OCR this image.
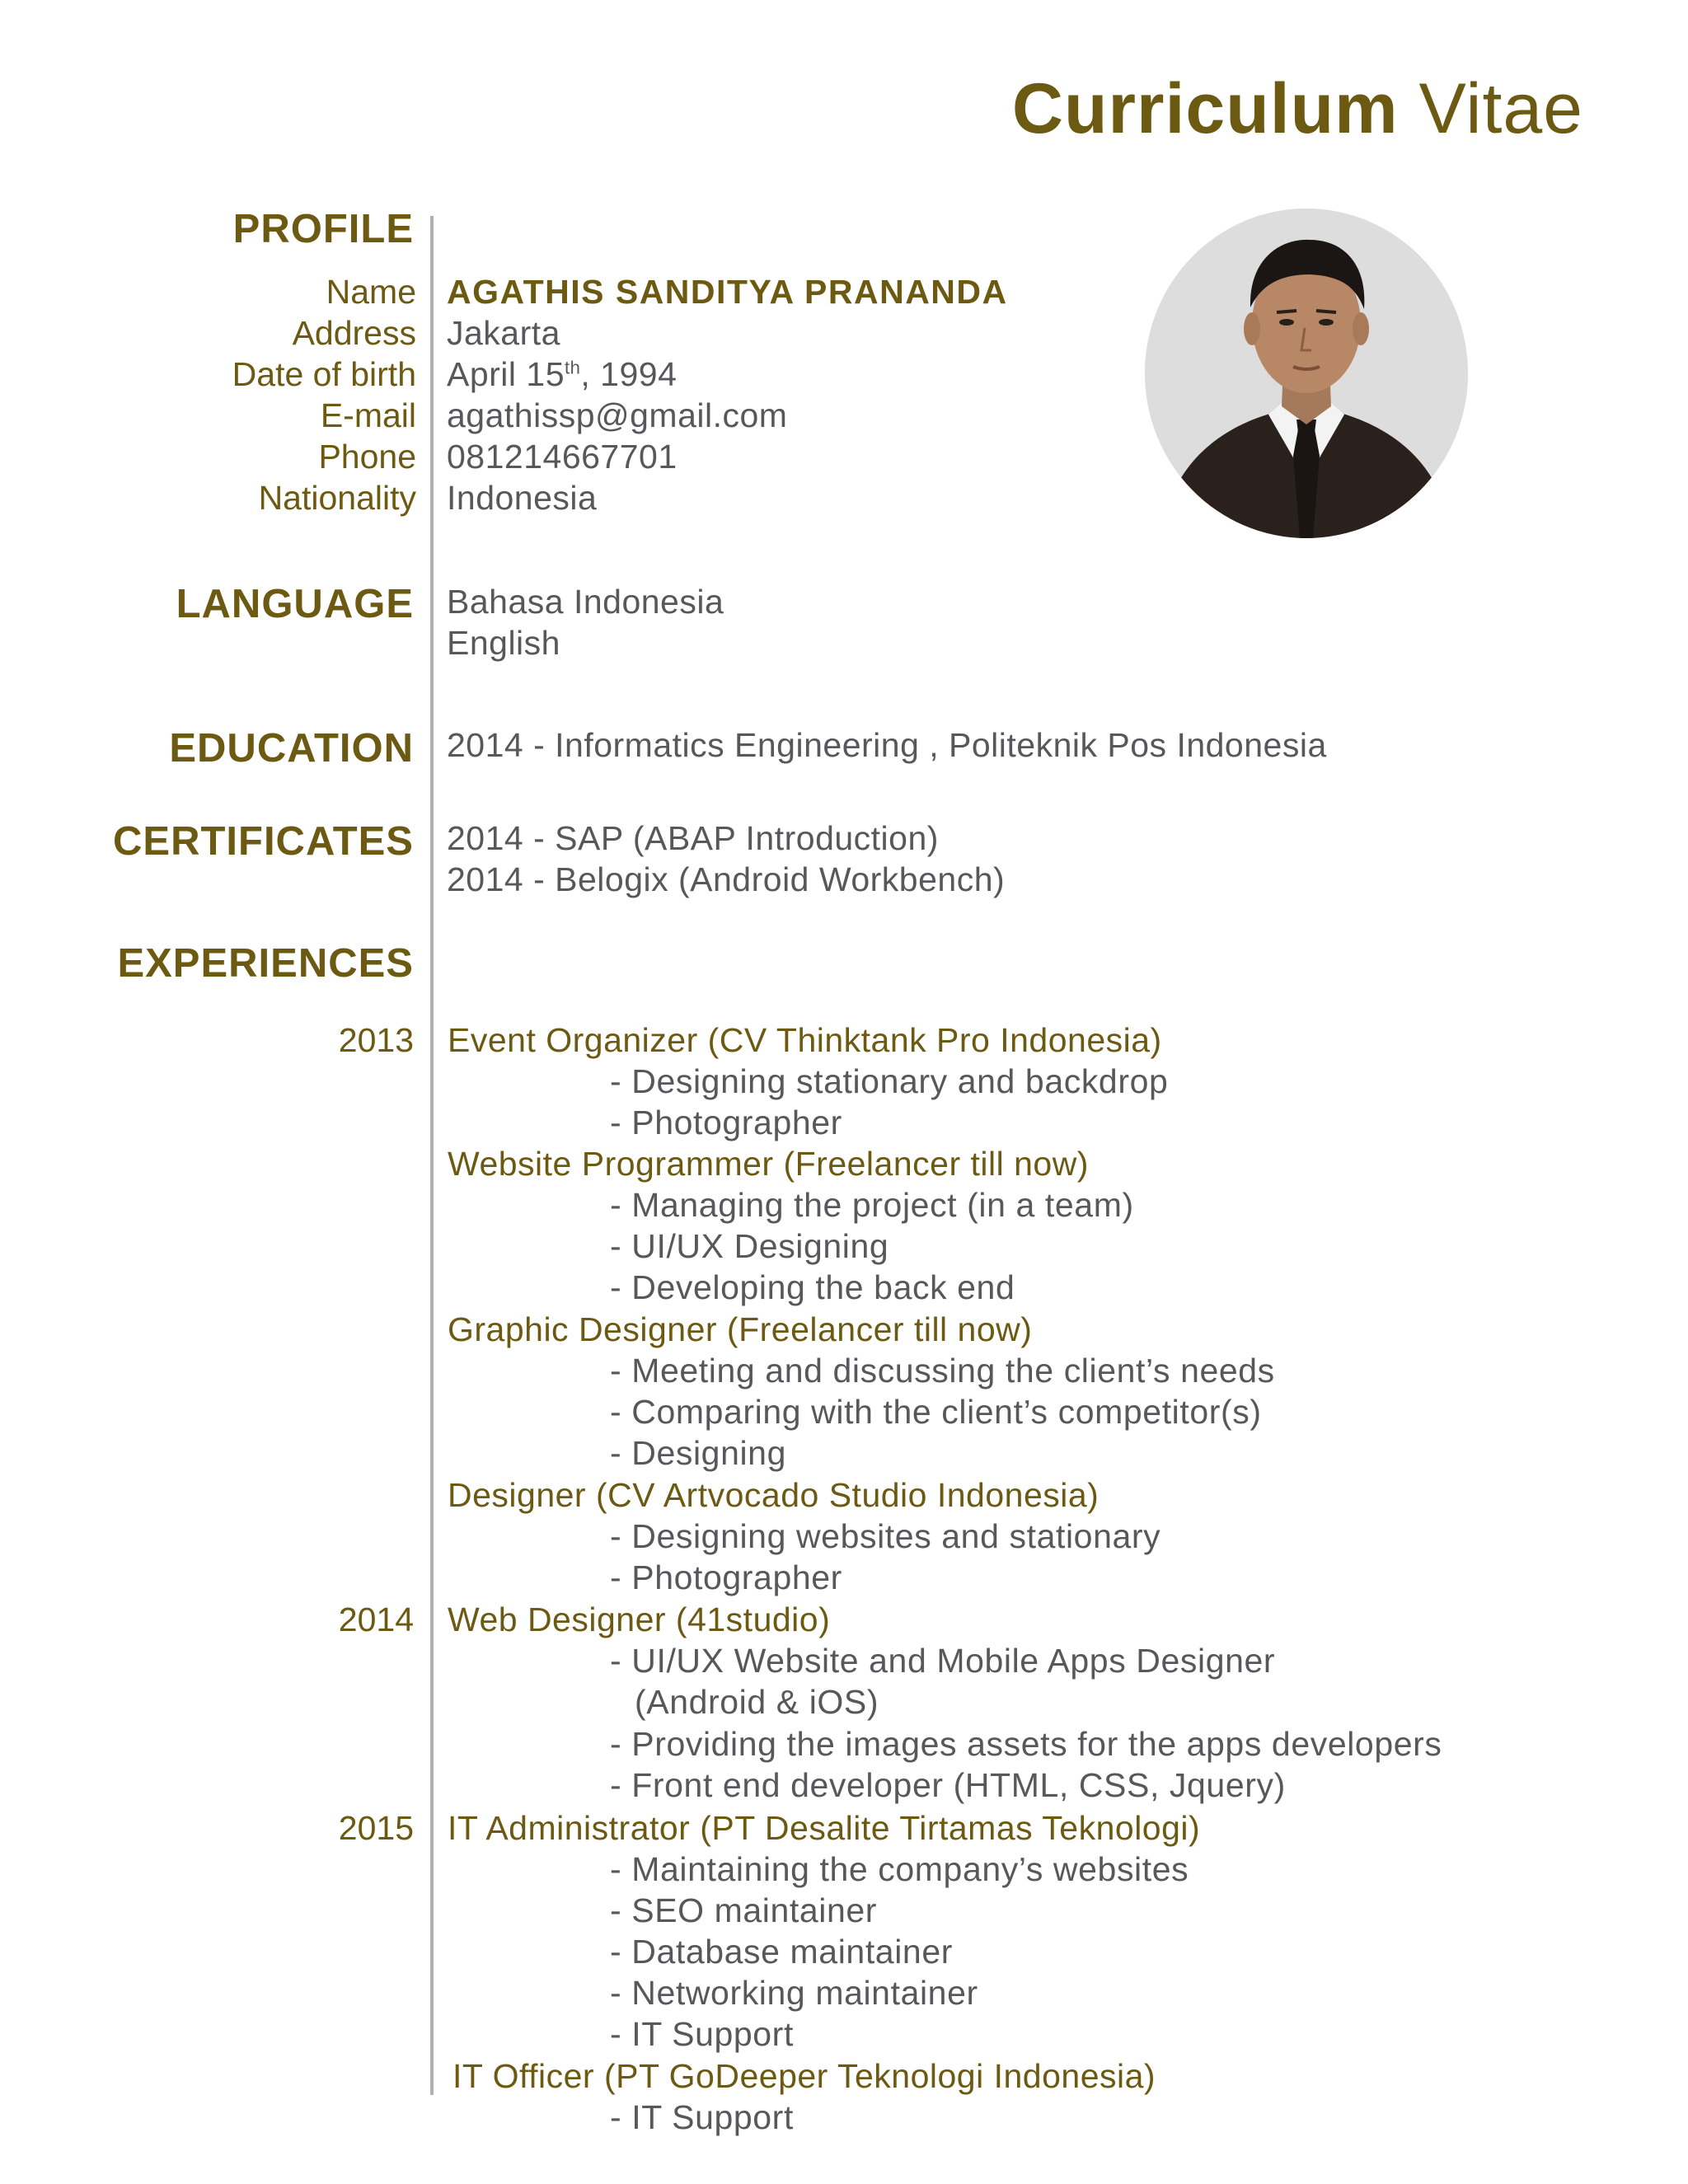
Curriculum Vitae
PROFILE
Name AGATHIS SANDITYA PRANANDA
Address Jakarta
Date of birth April 15th, 1994
E-mail agathissp@gmail.com
Phone 081214667701
Nationality Indonesia
LANGUAGE Bahasa Indonesia
English
EDUCATION 2014 - Informatics Engineering , Politeknik Pos Indonesia
CERTIFICATES 2014 - SAP (ABAP Introduction)
2014 - Belogix (Android Workbench)
EXPERIENCES
2013 Event Organizer (CV Thinktank Pro Indonesia)
- Designing stationary and backdrop
- Photographer
Website Programmer (Freelancer till now)
- Managing the project (in a team)
- UI/UX Designing
- Developing the back end
Graphic Designer (Freelancer till now)
- Meeting and discussing the client’s needs
- Comparing with the client’s competitor(s)
- Designing
Designer (CV Artvocado Studio Indonesia)
- Designing websites and stationary
- Photographer
2014 Web Designer (41studio)
- UI/UX Website and Mobile Apps Designer
(Android & iOS)
- Providing the images assets for the apps developers
- Front end developer (HTML, CSS, Jquery)
2015 IT Administrator (PT Desalite Tirtamas Teknologi)
- Maintaining the company’s websites
- SEO maintainer
- Database maintainer
- Networking maintainer
- IT Support
IT Officer (PT GoDeeper Teknologi Indonesia)
- IT Support
